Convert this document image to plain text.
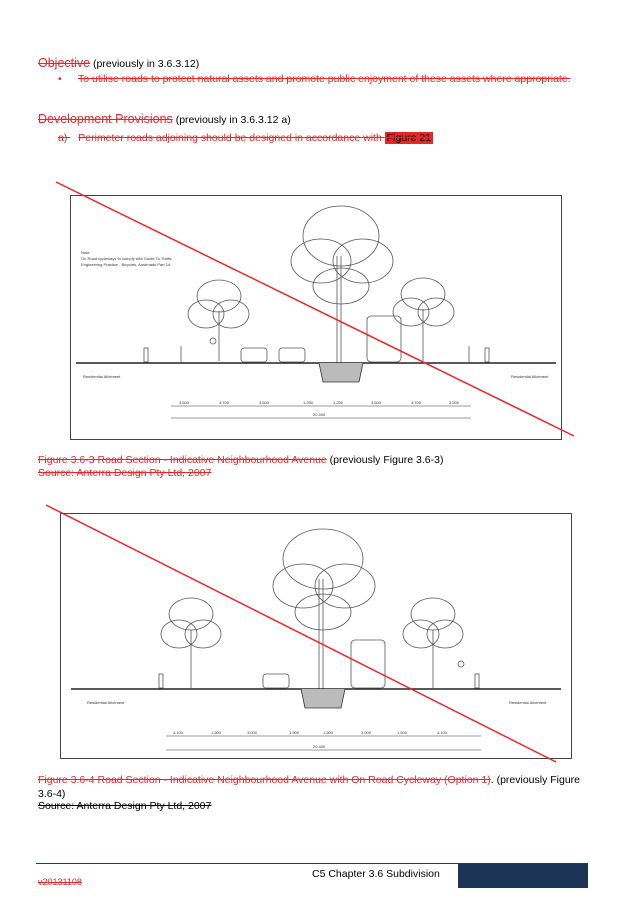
Objective (previously in 3.6.3.12)
•	To utilise roads to protect natural assets and promote public enjoyment of these assets where appropriate.
Development Provisions (previously in 3.6.3.12 a)
a) Perimeter roads adjoining should be designed in accordance with Figure 21
Note:
On Road cycleways to comply with Guide To Traffic
Engineering Practice - Bicycles, Austroads Part 14.
Residential Allotment	Residential Allotment
3.500	4.700	3.500	1.250	1.250	3.500	4.700	3.500
20.400
Figure 3.6-3 Road Section - Indicative Neighbourhood Avenue (previously Figure 3.6-3)
Source: Anterra Design Pty Ltd, 2007
Residential Allotment	Residential Allotment
4.100	1.500	3.000	1.500	1.500	3.000	1.500	4.100
20.400
Figure 3.6-4 Road Section - Indicative Neighbourhood Avenue with On Road Cycleway (Option 1). (previously Figure 3.6-4)
Source: Anterra Design Pty Ltd, 2007
C5 Chapter 3.6 Subdivision
v20131108
